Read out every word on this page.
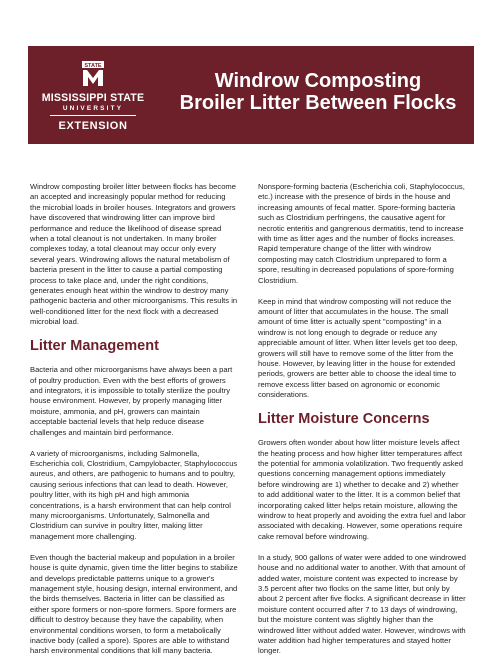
STATE
MISSISSIPPI STATE
UNIVERSITY
EXTENSION
Windrow Composting
Broiler Litter Between Flocks

Windrow composting broiler litter between flocks has become an accepted and increasingly popular method for reducing the microbial loads in broiler houses. Integrators and growers have discovered that windrowing litter can improve bird performance and reduce the likelihood of disease spread when a total cleanout is not undertaken. In many broiler complexes today, a total cleanout may occur only every several years. Windrowing allows the natural metabolism of bacteria present in the litter to cause a partial composting process to take place and, under the right conditions, generates enough heat within the windrow to destroy many pathogenic bacteria and other microorganisms. This results in well-conditioned litter for the next flock with a decreased microbial load.

Litter Management

Bacteria and other microorganisms have always been a part of poultry production. Even with the best efforts of growers and integrators, it is impossible to totally sterilize the poultry house environment. However, by properly managing litter moisture, ammonia, and pH, growers can maintain acceptable bacterial levels that help reduce disease challenges and maintain bird performance.

A variety of microorganisms, including Salmonella, Escherichia coli, Clostridium, Campylobacter, Staphylococcus aureus, and others, are pathogenic to humans and to poultry, causing serious infections that can lead to death. However, poultry litter, with its high pH and high ammonia concentrations, is a harsh environment that can help control many microorganisms. Unfortunately, Salmonella and Clostridium can survive in poultry litter, making litter management more challenging.

Even though the bacterial makeup and population in a broiler house is quite dynamic, given time the litter begins to stabilize and develops predictable patterns unique to a grower's management style, housing design, internal environment, and the birds themselves. Bacteria in litter can be classified as either spore formers or non-spore formers. Spore formers are difficult to destroy because they have the capability, when environmental conditions worsen, to form a metabolically inactive body (called a spore). Spores are able to withstand harsh environmental conditions that kill many bacteria.

Nonspore-forming bacteria (Escherichia coli, Staphylococcus, etc.) increase with the presence of birds in the house and increasing amounts of fecal matter. Spore-forming bacteria such as Clostridium perfringens, the causative agent for necrotic enteritis and gangrenous dermatitis, tend to increase with time as litter ages and the number of flocks increases. Rapid temperature change of the litter with windrow composting may catch Clostridium unprepared to form a spore, resulting in decreased populations of spore-forming Clostridium.

Keep in mind that windrow composting will not reduce the amount of litter that accumulates in the house. The small amount of time litter is actually spent "composting" in a windrow is not long enough to degrade or reduce any appreciable amount of litter. When litter levels get too deep, growers will still have to remove some of the litter from the house. However, by leaving litter in the house for extended periods, growers are better able to choose the ideal time to remove excess litter based on agronomic or economic considerations.

Litter Moisture Concerns

Growers often wonder about how litter moisture levels affect the heating process and how higher litter temperatures affect the potential for ammonia volatilization. Two frequently asked questions concerning management options immediately before windrowing are 1) whether to decake and 2) whether to add additional water to the litter. It is a common belief that incorporating caked litter helps retain moisture, allowing the windrow to heat properly and avoiding the extra fuel and labor associated with decaking. However, some operations require cake removal before windrowing.

In a study, 900 gallons of water were added to one windrowed house and no additional water to another. With that amount of added water, moisture content was expected to increase by 3.5 percent after two flocks on the same litter, but only by about 2 percent after five flocks. A significant decrease in litter moisture content occurred after 7 to 13 days of windrowing, but the moisture content was slightly higher than the windrowed litter without added water. However, windrows with water addition had higher temperatures and stayed hotter longer.
